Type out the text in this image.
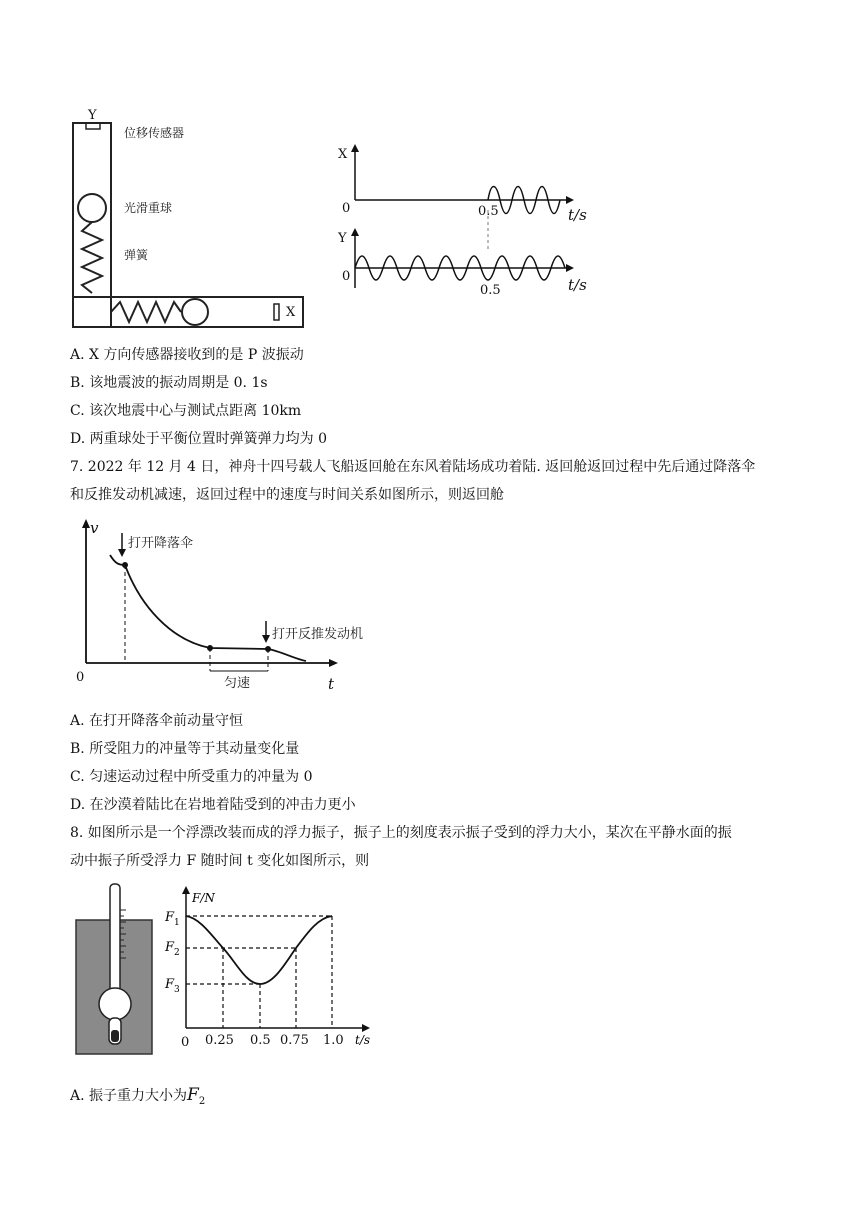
Y
X
位移传感器
光滑重球
弹簧
X
0	0.5	t/s
Y
0
0.5	t/s
A. X 方向传感器接收到的是 P 波振动
B. 该地震波的振动周期是 0. 1s
C. 该次地震中心与测试点距离 10km
D. 两重球处于平衡位置时弹簧弹力均为 0
7. 2022 年 12 月 4 日，神舟十四号载人飞船返回舱在东风着陆场成功着陆. 返回舱返回过程中先后通过降落伞
和反推发动机减速，返回过程中的速度与时间关系如图所示，则返回舱
v
t
0
打开降落伞
打开反推发动机
匀速
A. 在打开降落伞前动量守恒
B. 所受阻力的冲量等于其动量变化量
C. 匀速运动过程中所受重力的冲量为 0
D. 在沙漠着陆比在岩地着陆受到的冲击力更小
8. 如图所示是一个浮漂改装而成的浮力振子，振子上的刻度表示振子受到的浮力大小，某次在平静水面的振
动中振子所受浮力 F 随时间 t 变化如图所示，则
F/N
t/s
0
$F_1$
$F_2$
$F_3$
0.25 0.5 0.75 1.0
A. 振子重力大小为$F_2$
